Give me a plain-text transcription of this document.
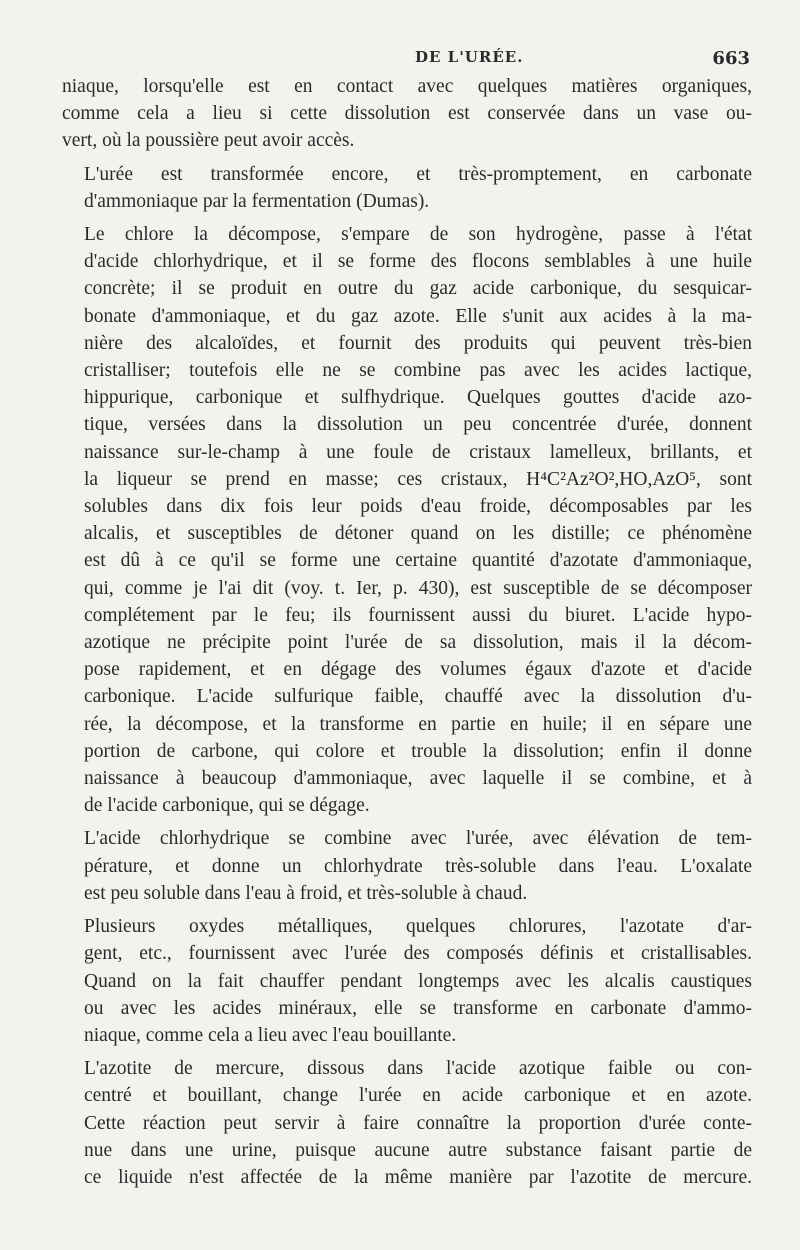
DE L'URÉE.	663

niaque, lorsqu'elle est en contact avec quelques matières organiques,
comme cela a lieu si cette dissolution est conservée dans un vase ou-
vert, où la poussière peut avoir accès.

L'urée est transformée encore, et très-promptement, en carbonate
d'ammoniaque par la fermentation (Dumas).

Le chlore la décompose, s'empare de son hydrogène, passe à l'état
d'acide chlorhydrique, et il se forme des flocons semblables à une huile
concrète; il se produit en outre du gaz acide carbonique, du sesquicar-
bonate d'ammoniaque, et du gaz azote. Elle s'unit aux acides à la ma-
nière des alcaloïdes, et fournit des produits qui peuvent très-bien
cristalliser; toutefois elle ne se combine pas avec les acides lactique,
hippurique, carbonique et sulfhydrique. Quelques gouttes d'acide azo-
tique, versées dans la dissolution un peu concentrée d'urée, donnent
naissance sur-le-champ à une foule de cristaux lamelleux, brillants, et
la liqueur se prend en masse; ces cristaux, H⁴C²Az²O²,HO,AzO⁵, sont
solubles dans dix fois leur poids d'eau froide, décomposables par les
alcalis, et susceptibles de détoner quand on les distille; ce phénomène
est dû à ce qu'il se forme une certaine quantité d'azotate d'ammoniaque,
qui, comme je l'ai dit (voy. t. Ier, p. 430), est susceptible de se décomposer
complétement par le feu; ils fournissent aussi du biuret. L'acide hypo-
azotique ne précipite point l'urée de sa dissolution, mais il la décom-
pose rapidement, et en dégage des volumes égaux d'azote et d'acide
carbonique. L'acide sulfurique faible, chauffé avec la dissolution d'u-
rée, la décompose, et la transforme en partie en huile; il en sépare une
portion de carbone, qui colore et trouble la dissolution; enfin il donne
naissance à beaucoup d'ammoniaque, avec laquelle il se combine, et à
de l'acide carbonique, qui se dégage.

L'acide chlorhydrique se combine avec l'urée, avec élévation de tem-
pérature, et donne un chlorhydrate très-soluble dans l'eau. L'oxalate
est peu soluble dans l'eau à froid, et très-soluble à chaud.

Plusieurs oxydes métalliques, quelques chlorures, l'azotate d'ar-
gent, etc., fournissent avec l'urée des composés définis et cristallisables.
Quand on la fait chauffer pendant longtemps avec les alcalis caustiques
ou avec les acides minéraux, elle se transforme en carbonate d'ammo-
niaque, comme cela a lieu avec l'eau bouillante.

L'azotite de mercure, dissous dans l'acide azotique faible ou con-
centré et bouillant, change l'urée en acide carbonique et en azote.
Cette réaction peut servir à faire connaître la proportion d'urée conte-
nue dans une urine, puisque aucune autre substance faisant partie de
ce liquide n'est affectée de la même manière par l'azotite de mercure.
